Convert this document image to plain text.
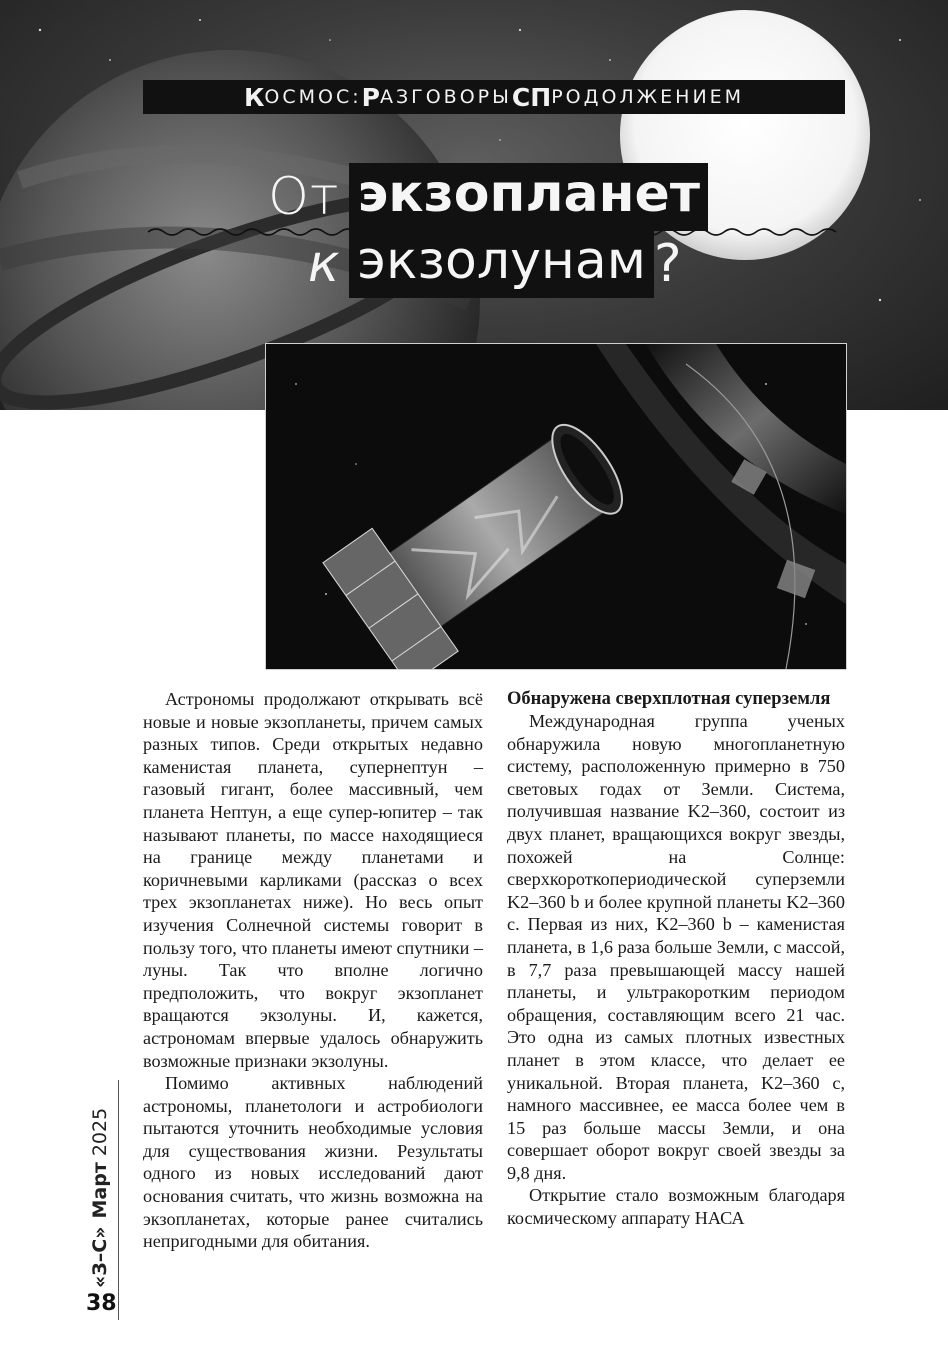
К ОСМОС: Р АЗГОВОРЫ С П РОДОЛЖЕНИЕМ
От экзопланет
к экзолунам ?

Астрономы продолжают открывать всё новые и новые экзопланеты, причем самых разных типов. Среди открытых недавно каменистая планета, супернептун – газовый гигант, более массивный, чем планета Нептун, а еще супер-юпитер – так называют планеты, по массе находящиеся на границе между планетами и коричневыми карликами (рассказ о всех трех экзопланетах ниже). Но весь опыт изучения Солнечной системы говорит в пользу того, что планеты имеют спутники – луны. Так что вполне логично предположить, что вокруг экзопланет вращаются экзолуны. И, кажется, астрономам впервые удалось обнаружить возможные признаки экзолуны.

Помимо активных наблюдений астрономы, планетологи и астробиологи пытаются уточнить необходимые условия для существования жизни. Результаты одного из новых исследований дают основания считать, что жизнь возможна на экзопланетах, которые ранее считались непригодными для обитания.

Обнаружена сверхплотная суперземля

Международная группа ученых обнаружила новую многопланетную систему, расположенную примерно в 750 световых годах от Земли. Система, получившая название K2–360, состоит из двух планет, вращающихся вокруг звезды, похожей на Солнце: сверхкороткопериодической суперземли K2–360 b и более крупной планеты K2–360 c. Первая из них, K2–360 b – каменистая планета, в 1,6 раза больше Земли, с массой, в 7,7 раза превышающей массу нашей планеты, и ультракоротким периодом обращения, составляющим всего 21 час. Это одна из самых плотных известных планет в этом классе, что делает ее уникальной. Вторая планета, K2–360 c, намного массивнее, ее масса более чем в 15 раз больше массы Земли, и она совершает оборот вокруг своей звезды за 9,8 дня.

Открытие стало возможным благодаря космическому аппарату НАСА

«З–С»
Март
2025
38
